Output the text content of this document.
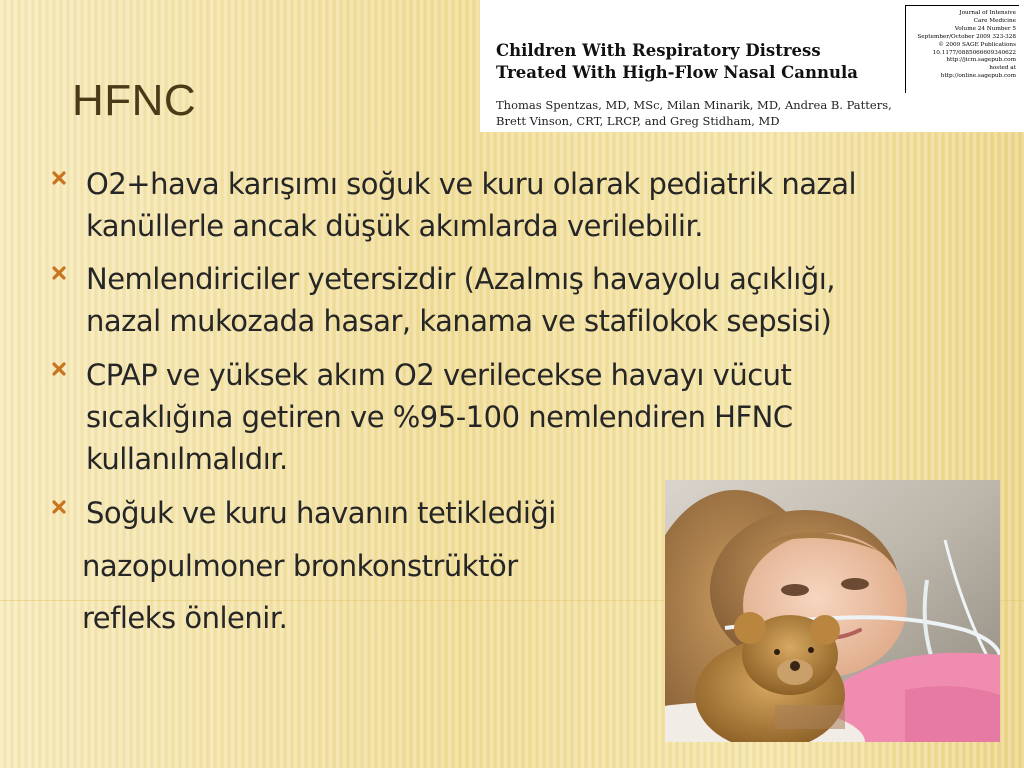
HFNC
Journal of Intensive
Care Medicine
Volume 24 Number 5
September/October 2009 323-328
© 2009 SAGE Publications
10.1177/0885066609340622
http://jicm.sagepub.com
hosted at
http://online.sagepub.com
Children With Respiratory Distress
Treated With High-Flow Nasal Cannula
Thomas Spentzas, MD, MSc, Milan Minarik, MD, Andrea B. Patters,
Brett Vinson, CRT, LRCP, and Greg Stidham, MD
O2+hava karışımı soğuk ve kuru olarak pediatrik nazal
kanüllerle ancak düşük akımlarda verilebilir.
Nemlendiriciler yetersizdir (Azalmış havayolu açıklığı,
nazal mukozada hasar, kanama ve stafilokok sepsisi)
CPAP ve yüksek akım O2 verilecekse havayı vücut
sıcaklığına getiren ve %95-100 nemlendiren HFNC
kullanılmalıdır.
Soğuk ve kuru havanın tetiklediği
nazopulmoner bronkonstrüktör
refleks önlenir.
